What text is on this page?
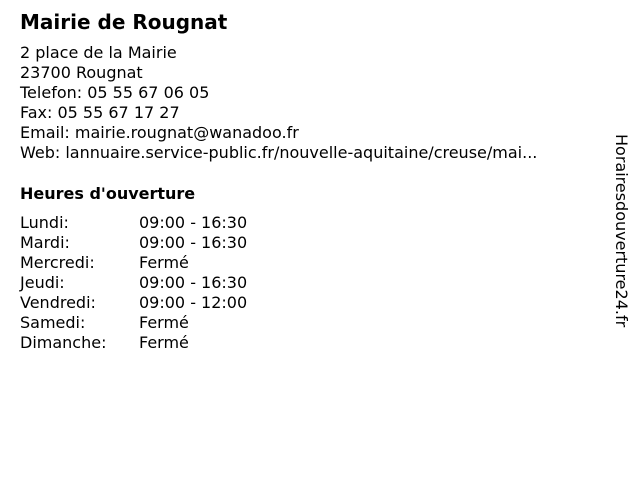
Mairie de Rougnat
2 place de la Mairie
23700 Rougnat
Telefon: 05 55 67 06 05
Fax: 05 55 67 17 27
Email: mairie.rougnat@wanadoo.fr
Web: lannuaire.service-public.fr/nouvelle-aquitaine/creuse/mai...
Heures d'ouverture
Lundi:	09:00 - 16:30
Mardi:	09:00 - 16:30
Mercredi:	Fermé
Jeudi:	09:00 - 16:30
Vendredi:	09:00 - 12:00
Samedi:	Fermé
Dimanche: Fermé
Horairesdouverture24.fr
